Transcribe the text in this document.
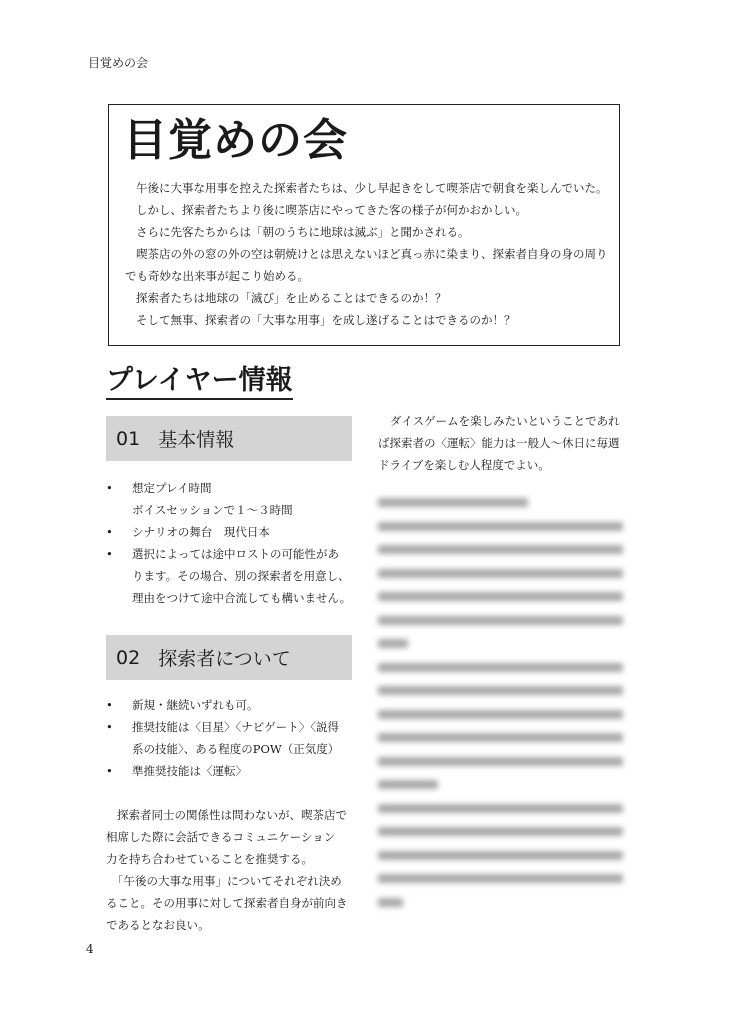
目覚めの会
目覚めの会
午後に大事な用事を控えた探索者たちは、少し早起きをして喫茶店で朝食を楽しんでいた。
しかし、探索者たちより後に喫茶店にやってきた客の様子が何かおかしい。
さらに先客たちからは「朝のうちに地球は滅ぶ」と聞かされる。
喫茶店の外の窓の外の空は朝焼けとは思えないほど真っ赤に染まり、探索者自身の身の周り
でも奇妙な出来事が起こり始める。
探索者たちは地球の「滅び」を止めることはできるのか！？
そして無事、探索者の「大事な用事」を成し遂げることはできるのか！？
プレイヤー情報
01 基本情報
• 想定プレイ時間
ボイスセッションで１～３時間
• シナリオの舞台　現代日本
• 選択によっては途中ロストの可能性があ
ります。その場合、別の探索者を用意し、
理由をつけて途中合流しても構いません。
02 探索者について
• 新規・継続いずれも可。
• 推奨技能は〈目星〉〈ナビゲート〉〈説得
系の技能〉、ある程度のPOW（正気度）
• 準推奨技能は〈運転〉
探索者同士の関係性は問わないが、喫茶店で
相席した際に会話できるコミュニケーション
力を持ち合わせていることを推奨する。
「午後の大事な用事」についてそれぞれ決め
ること。その用事に対して探索者自身が前向き
であるとなお良い。
ダイスゲームを楽しみたいということであれ
ば探索者の〈運転〉能力は一般人〜休日に毎週
ドライブを楽しむ人程度でよい。
4
